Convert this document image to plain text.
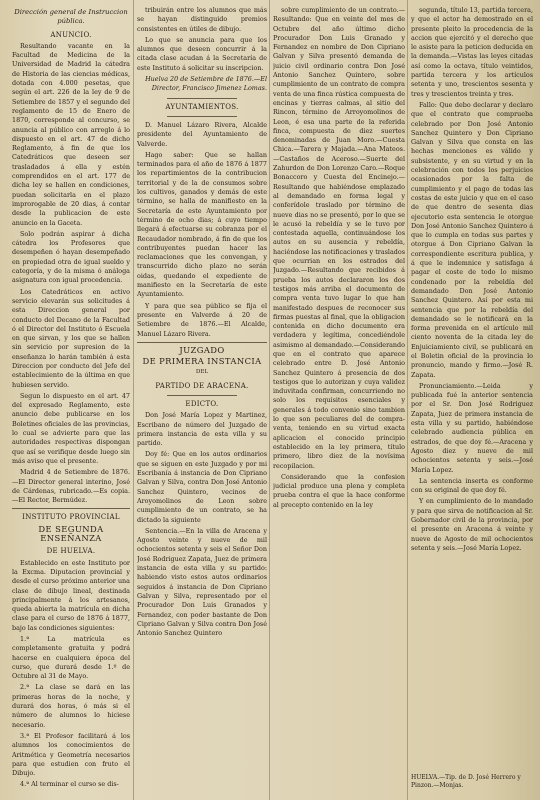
Dirección general de Instruccion pública.
ANUNCIO.

Resultando vacante en la Facultad de Medicina de la Universidad de Madrid la cátedra de Historia de las ciencias médicas, dotada con 4.000 pesetas, que según el art. 226 de la ley de 9 de Setiembre de 1857 y el segundo del reglamento de 15 de Enero de 1870, corresponde al concurso, se anuncia al público con arreglo á lo dispuesto en el art. 47 de dicho Reglamento, á fin de que los Catedráticos que deseen ser trasladados á ella y estén comprendidos en el art. 177 de dicha ley se hallen en condiciones, puedan solicitarla en el plazo improrogable de 20 dias, á contar desde la publicacion de este anuncio en la Gaceta.

Solo podrán aspirar á dicha cátedra los Profesores que desempeñen ó hayan desempeñado en propiedad otra de igual sueldo y categoría, y de la misma ó análoga asignatura con igual procedencia.

Los Catedráticos en activo servicio elevarán sus solicitudes á esta Direccion general por conducto del Decano de la Facultad ó el Director del Instituto ó Escuela en que sirvan, y los que se hallen sin servicio por supresion de la enseñanza lo harán también á esta Direccion por conducto del Jefe del establecimiento de la última en que hubiesen servido.

Segun lo dispuesto en el art. 47 del expresado Reglamento, este anuncio debe publicarse en los Boletines oficiales de las provincias, lo cual se advierte para que las autoridades respectivas dispongan que así se verifique desde luego sin más aviso que el presente.

Madrid 4 de Setiembre de 1876.—El Director general interino, José de Cárdenas, rubricado.—Es copia.—El Rector, Bermúdez.

INSTITUTO PROVINCIAL
DE SEGUNDA ENSEÑANZA
DE HUELVA.

Establecido en este Instituto por la Excma. Diputacion provincial y desde el curso próximo anterior una clase de dibujo lineal, destinada principalmente á los artesanos, queda abierta la matrícula en dicha clase para el curso de 1876 á 1877, bajo las condiciones siguientes:

1.ª La matrícula es completamente gratuita y podrá hacerse en cualquiera época del curso, que durará desde 1.º de Octubre al 31 de Mayo.

2.ª La clase se dará en las primeras horas de la noche, y durará dos horas, ó más si el número de alumnos lo hiciese necesario.

3.ª El Profesor facilitará á los alumnos los conocimientos de Aritmética y Geometría necesarios para que estudien con fruto el Dibujo.

4.ª Al terminar el curso se dis-

tribuirán entre los alumnos que más se hayan distinguido premios consistentes en útiles de dibujo.

Lo que se anuncia para que los alumnos que deseen concurrir á la citada clase acudan á la Secretaría de este Instituto á solicitar su inscripcion.

Huelva 20 de Setiembre de 1876.—El Director, Francisco Jimenez Lomas.

AYUNTAMIENTOS.

D. Manuel Lázaro Rivera, Alcalde presidente del Ayuntamiento de Valverde.

Hago saber: Que se hallan terminados para el año de 1876 á 1877 los repartimientos de la contribucion territorial y de la de consumos sobre los cultivos, ganados y demás de este término, se halla de manifiesto en la Secretaría de este Ayuntamiento por término de ocho dias; á cuyo tiempo llegará á efectuarse su cobranza por el Recaudador nombrado, á fin de que los contribuyentes puedan hacer las reclamaciones que les convengan, y transcurrido dicho plazo no serán oidas, quedando el expediente de manifiesto en la Secretaría de este Ayuntamiento.

Y para que sea público se fija el presente en Valverde á 20 de Setiembre de 1876.—El Alcalde, Manuel Lázaro Rivera.

JUZGADO
DE PRIMERA INSTANCIA
DEL
PARTIDO DE ARACENA.
EDICTO.

Don José María Lopez y Martinez, Escribano de número del Juzgado de primera instancia de esta villa y su partido.

Doy fé: Que en los autos ordinarios que se siguen en este Juzgado y por mi Escribanía á instancia de Don Cipriano Galvan y Silva, contra Don José Antonio Sanchez Quintero, vecinos de Aroyomolinos de Leon sobre cumplimiento de un contrato, se ha dictado la siguiente

Sentencia.—En la villa de Aracena y Agosto veinte y nueve de mil ochocientos setenta y seis el Señor Don José Rodriguez Zapata, Juez de primera instancia de esta villa y su partido: habiendo visto estos autos ordinarios seguidos á instancia de Don Cipriano Galvan y Silva, representado por el Procurador Don Luis Granados y Fernandez, con poder bastante de Don Cipriano Galvan y Silva contra Don José Antonio Sanchez Quintero

sobre cumplimiento de un contrato.—Resultando: Que en veinte del mes de Octubre del año último dicho Procurador Don Luis Granado y Fernandez en nombre de Don Cipriano Galvan y Silva presentó demanda de juicio civil ordinario contra Don José Antonio Sanchez Quintero, sobre cumplimiento de un contrato de compra venta de una finca rústica compuesta de encinas y tierras calmas, al sitio del Rincon, término de Arroyomolinos de Leon, é esa una parte de la referida finca, compuesta de diez suertes denominadas de Juan Moro.—Cuesta Chica.—Tarera y Majada.—Ana Mateos.—Castaños de Aceroso.—Suerte del Zahurdon de Don Lorenzo Caro.—Roque Bonaccoro y Cuesta del Encinejo.—Resultando que habiéndose emplazado al demandado en forma legal y conferídole traslado por término de nueve dias no se presentó, por lo que se le acusó la rebeldía y se le tuvo por contestada aquella, continuándose los autos en su ausencia y rebeldía, haciéndose las notificaciones y traslados que ocurrian en los estrados del Juzgado.—Resultando que recibidos á prueba los autos declararon los dos testigos más arriba el documento de compra venta tuvo lugar lo que han manifestado despues de reconocer sus firmas puestas al final, que la obligacion contenida en dicho documento era verdadera y legítima, concediéndole asimismo al demandado.—Considerando que en el contrato que aparece celebrado entre D. José Antonio Sanchez Quintero á presencia de dos testigos que lo autorizan y cuya validez induvitada confirman, concurriendo no solo los requisitos esenciales y generales á todo convenio sino tambien lo que son peculiares del de compra-venta, teniendo en su virtud exacta aplicacion el conocido principio establecido en la ley primera, título primero, libro diez de la novísima recopilacion.

Considerando que la confesion judicial produce una plena y completa prueba contra el que la hace conforme al precepto contenido en la ley

segunda, título 13, partida tercera, y que el actor ha demostrado en el presente pleito la procedencia de la accion que ejercitó y el derecho que le asiste para la peticion deducida en la demanda.—Vistas las leyes citadas así como la octava, título veintidos, partida tercera y los artículos setenta y uno, trescientos sesenta y tres y trescientos treinta y tres.

Fallo: Que debo declarar y declaro que el contrato que comprueba celebrado por Don José Antonio Sanchez Quintero y Don Cipriano Galvan y Silva que consta en las hechas menciones es válido y subsistente, y en su virtud y en la celebración con todos los perjuicios ocasionados por la falta de cumplimiento y el pago de todas las costas de este juicio y que en el caso de que dentro de sesenta dias ejecutorio esta sentencia le otorgue Don José Antonio Sanchez Quintero á que lo cumpla en todas sus partes y otorgue á Don Cipriano Galvan la correspondiente escritura publica, y á que le indemnice y satisfaga á pagar el coste de todo lo mismo condenado por la rebeldía del demandado Don José Antonio Sanchez Quintero. Así por esta mi sentencia que por la rebeldía del demandado se le notificará en la forma prevenida en el artículo mil ciento noventa de la citada ley de Enjuiciamiento civil, se publicará en el Boletin oficial de la provincia lo pronuncio, mando y firmo.—José R. Zapata.

Pronunciamiento.—Leida y publicada fué la anterior sentencia por el Sr. Don José Rodriguez Zapata, Juez de primera instancia de esta villa y su partido, habiéndose celebrado audiencia pública en estrados, de que doy fé.—Aracena y Agosto diez y nueve de mil ochocientos setenta y seis.—José María Lopez.

La sentencia inserta es conforme con su original de que doy fé.

Y en cumplimiento de lo mandado y para que sirva de notificacion al Sr. Gobernador civil de la provincia, por el presente en Aracena á veinte y nueve de Agosto de mil ochocientos setenta y seis.—José María Lopez.

HUELVA.—Tip. de D. José Herrero y Pinzon.—Monjas.
